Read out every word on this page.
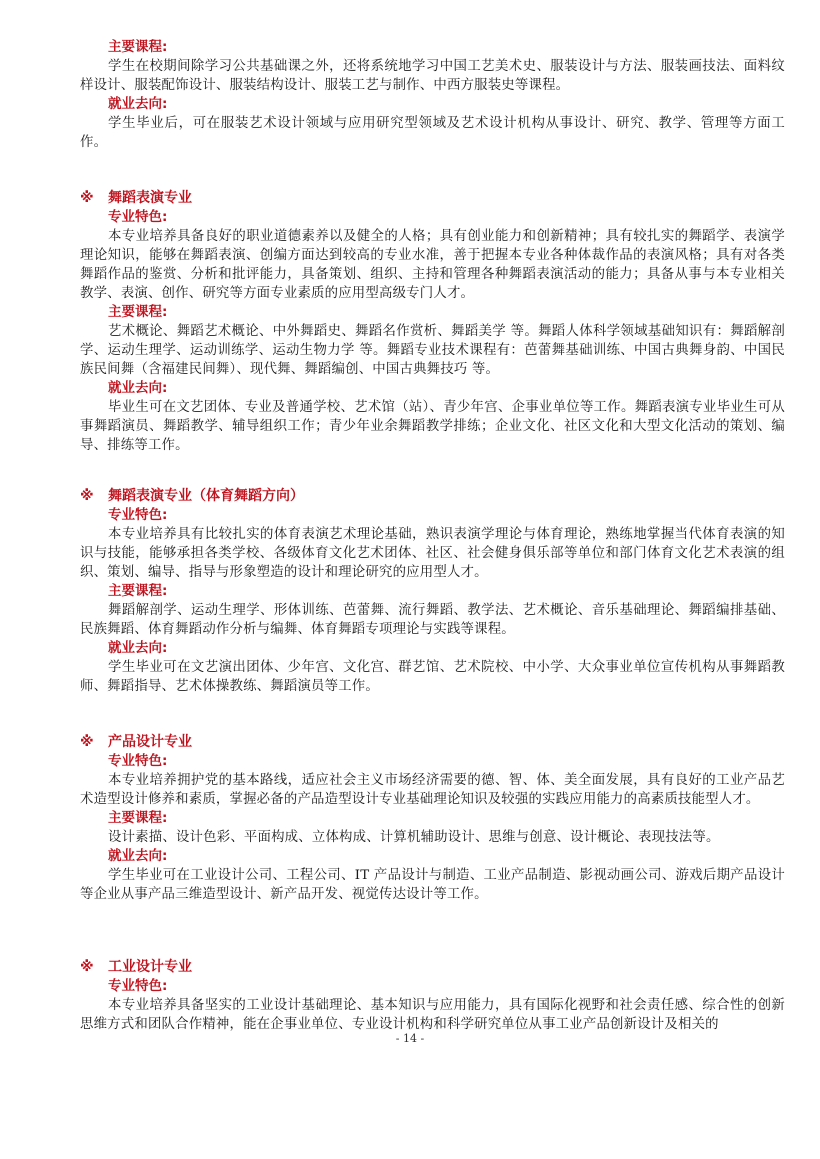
主要课程:

学生在校期间除学习公共基础课之外，还将系统地学习中国工艺美术史、服装设计与方法、服装画技法、面料纹样设计、服装配饰设计、服装结构设计、服装工艺与制作、中西方服装史等课程。

就业去向:

学生毕业后，可在服装艺术设计领域与应用研究型领域及艺术设计机构从事设计、研究、教学、管理等方面工作。

※ 舞蹈表演专业
专业特色:

本专业培养具备良好的职业道德素养以及健全的人格；具有创业能力和创新精神；具有较扎实的舞蹈学、表演学理论知识，能够在舞蹈表演、创编方面达到较高的专业水准，善于把握本专业各种体裁作品的表演风格；具有对各类舞蹈作品的鉴赏、分析和批评能力，具备策划、组织、主持和管理各种舞蹈表演活动的能力；具备从事与本专业相关教学、表演、创作、研究等方面专业素质的应用型高级专门人才。

主要课程:

艺术概论、舞蹈艺术概论、中外舞蹈史、舞蹈名作赏析、舞蹈美学 等。舞蹈人体科学领域基础知识有：舞蹈解剖学、运动生理学、运动训练学、运动生物力学 等。舞蹈专业技术课程有：芭蕾舞基础训练、中国古典舞身韵、中国民族民间舞（含福建民间舞）、现代舞、舞蹈编创、中国古典舞技巧 等。

就业去向:

毕业生可在文艺团体、专业及普通学校、艺术馆（站）、青少年宫、企事业单位等工作。舞蹈表演专业毕业生可从事舞蹈演员、舞蹈教学、辅导组织工作；青少年业余舞蹈教学排练；企业文化、社区文化和大型文化活动的策划、编导、排练等工作。

※ 舞蹈表演专业（体育舞蹈方向）
专业特色:

本专业培养具有比较扎实的体育表演艺术理论基础，熟识表演学理论与体育理论，熟练地掌握当代体育表演的知识与技能，能够承担各类学校、各级体育文化艺术团体、社区、社会健身俱乐部等单位和部门体育文化艺术表演的组织、策划、编导、指导与形象塑造的设计和理论研究的应用型人才。

主要课程:

舞蹈解剖学、运动生理学、形体训练、芭蕾舞、流行舞蹈、教学法、艺术概论、音乐基础理论、舞蹈编排基础、民族舞蹈、体育舞蹈动作分析与编舞、体育舞蹈专项理论与实践等课程。

就业去向:

学生毕业可在文艺演出团体、少年宫、文化宫、群艺馆、艺术院校、中小学、大众事业单位宣传机构从事舞蹈教师、舞蹈指导、艺术体操教练、舞蹈演员等工作。

※ 产品设计专业
专业特色:

本专业培养拥护党的基本路线，适应社会主义市场经济需要的德、智、体、美全面发展，具有良好的工业产品艺术造型设计修养和素质，掌握必备的产品造型设计专业基础理论知识及较强的实践应用能力的高素质技能型人才。

主要课程:

设计素描、设计色彩、平面构成、立体构成、计算机辅助设计、思维与创意、设计概论、表现技法等。

就业去向:

学生毕业可在工业设计公司、工程公司、IT 产品设计与制造、工业产品制造、影视动画公司、游戏后期产品设计等企业从事产品三维造型设计、新产品开发、视觉传达设计等工作。

※ 工业设计专业
专业特色:

本专业培养具备坚实的工业设计基础理论、基本知识与应用能力，具有国际化视野和社会责任感、综合性的创新思维方式和团队合作精神，能在企事业单位、专业设计机构和科学研究单位从事工业产品创新设计及相关的

- 14 -
